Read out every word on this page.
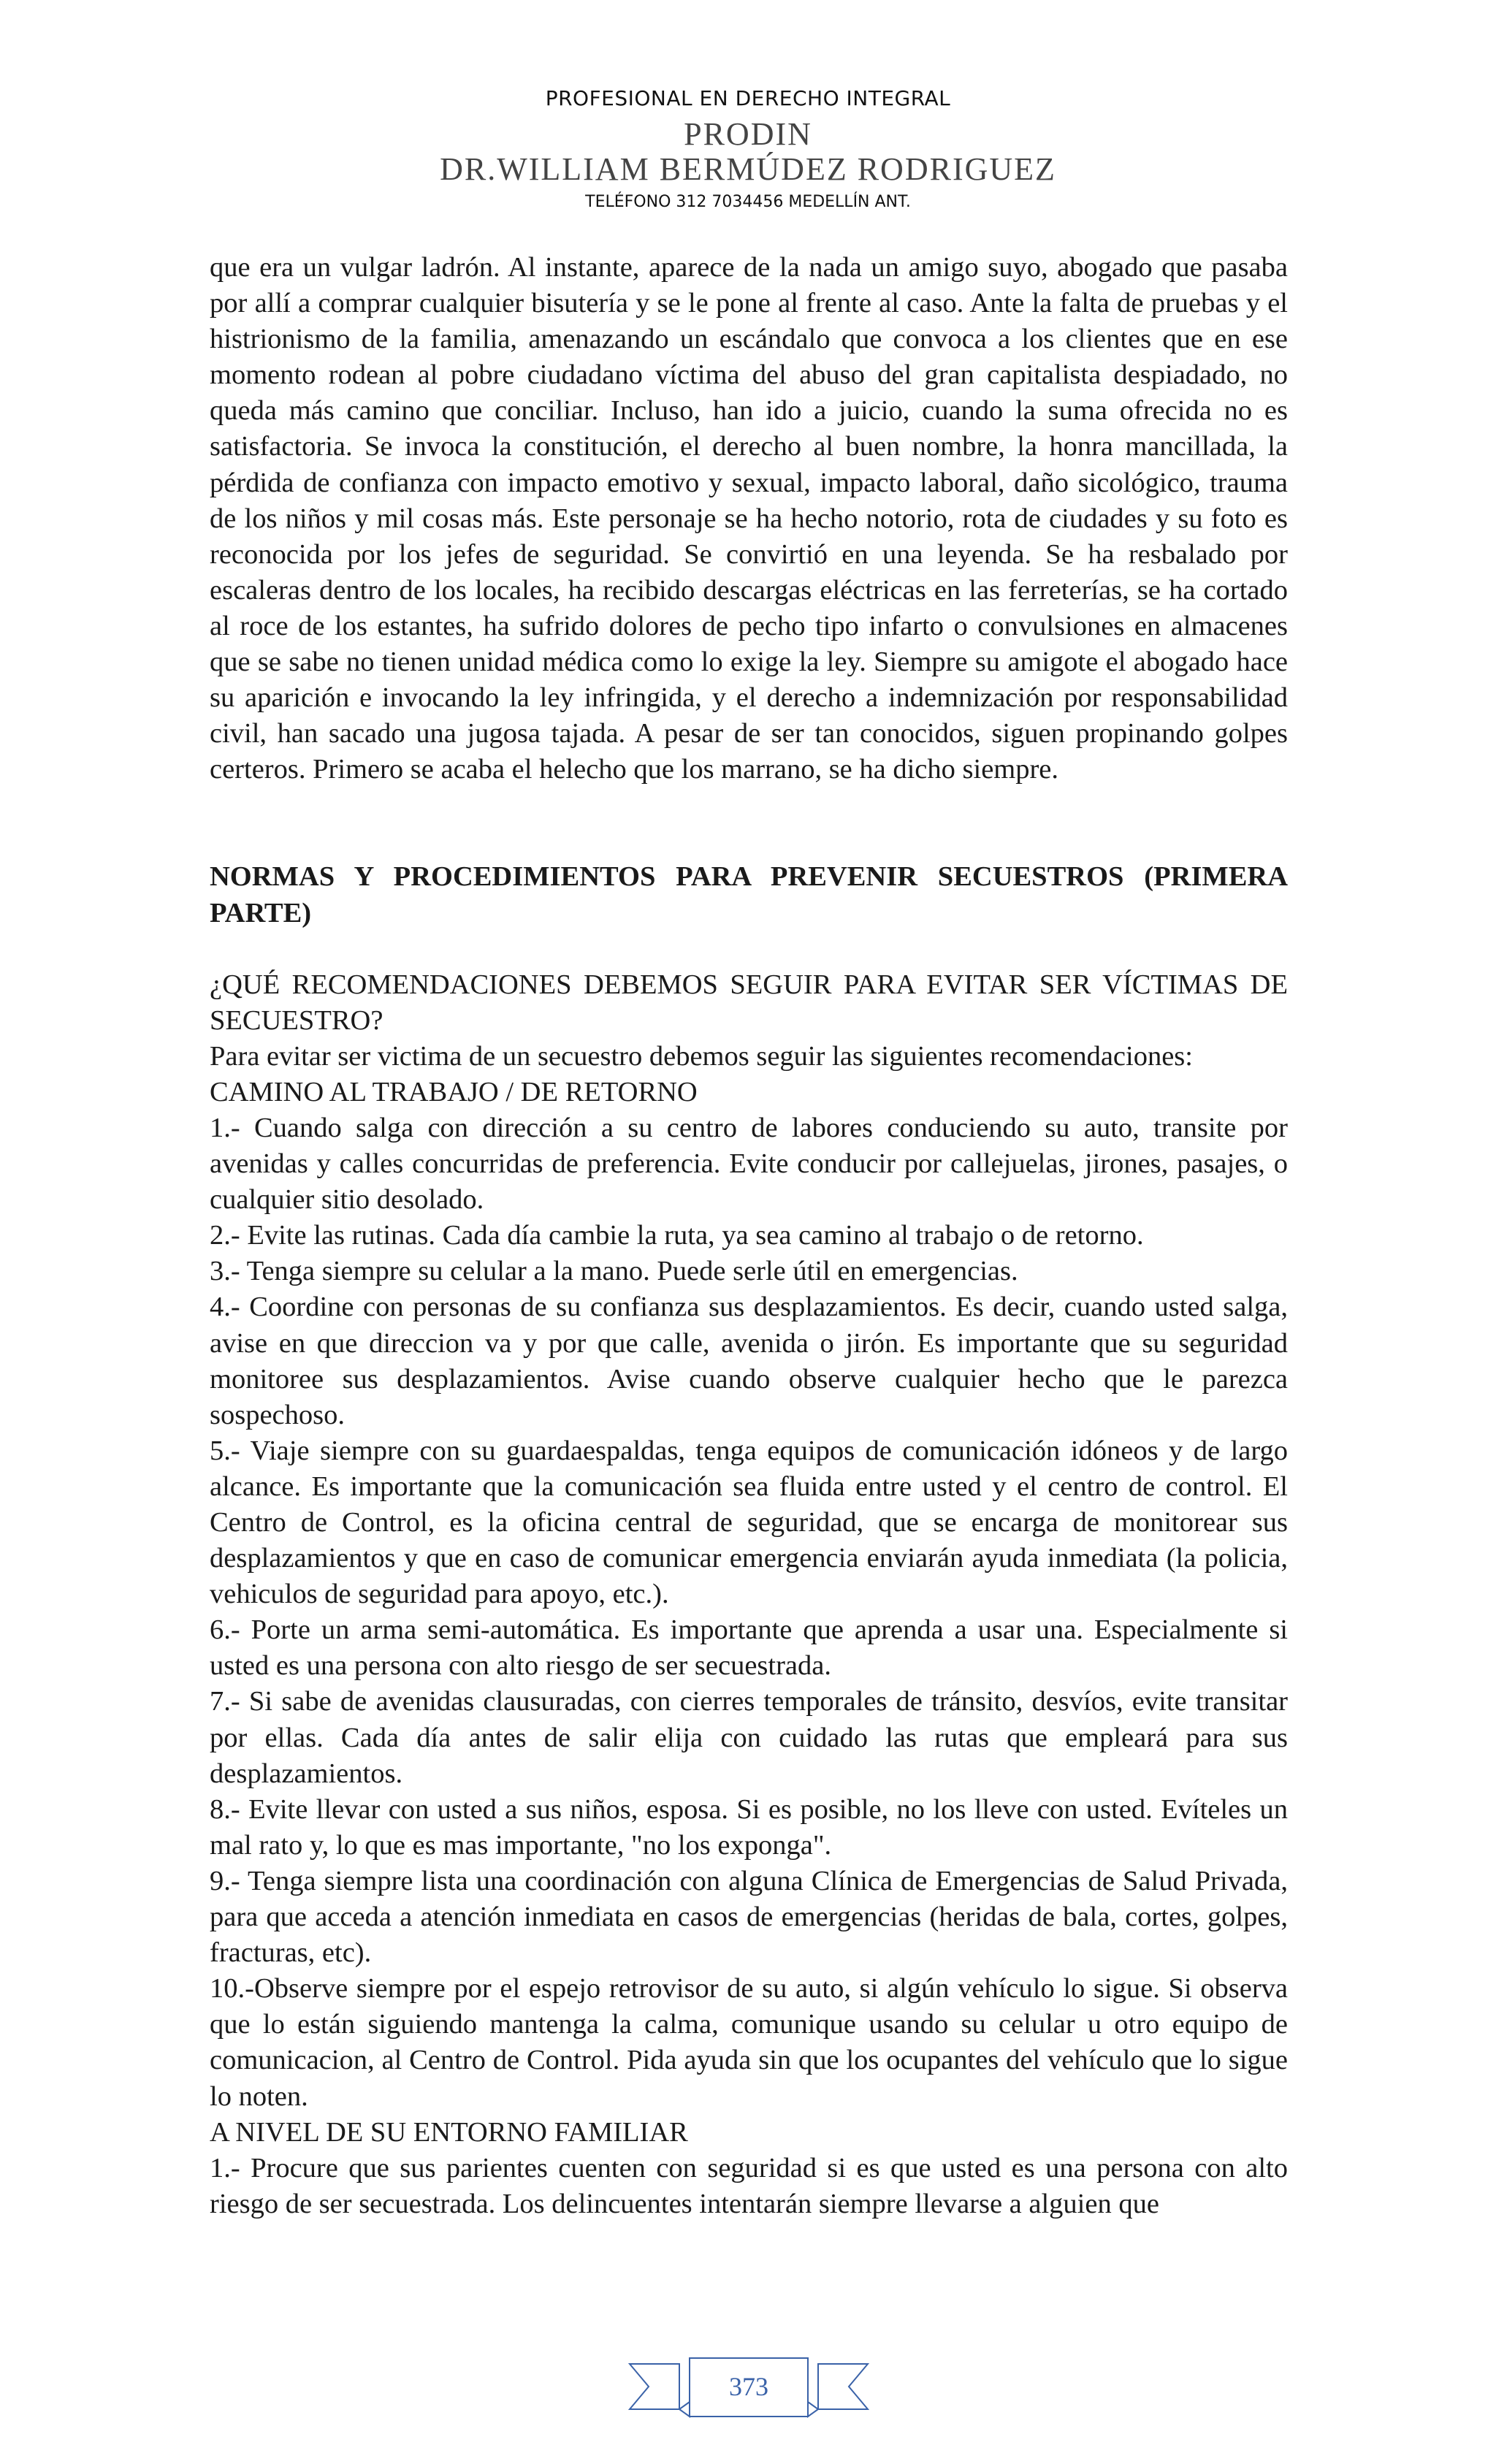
PROFESIONAL EN DERECHO INTEGRAL
PRODIN
DR.WILLIAM BERMÚDEZ RODRIGUEZ
TELÉFONO 312 7034456 MEDELLÍN ANT.

que era un vulgar ladrón. Al instante, aparece de la nada un amigo suyo, abogado que pasaba por allí a comprar cualquier bisutería y se le pone al frente al caso. Ante la falta de pruebas y el histrionismo de la familia, amenazando un escándalo que convoca a los clientes que en ese momento rodean al pobre ciudadano víctima del abuso del gran capitalista despiadado, no queda más camino que conciliar. Incluso, han ido a juicio, cuando la suma ofrecida no es satisfactoria. Se invoca la constitución, el derecho al buen nombre, la honra mancillada, la pérdida de confianza con impacto emotivo y sexual, impacto laboral, daño sicológico, trauma de los niños y mil cosas más. Este personaje se ha hecho notorio, rota de ciudades y su foto es reconocida por los jefes de seguridad. Se convirtió en una leyenda. Se ha resbalado por escaleras dentro de los locales, ha recibido descargas eléctricas en las ferreterías, se ha cortado al roce de los estantes, ha sufrido dolores de pecho tipo infarto o convulsiones en almacenes que se sabe no tienen unidad médica como lo exige la ley. Siempre su amigote el abogado hace su aparición e invocando la ley infringida, y el derecho a indemnización por responsabilidad civil, han sacado una jugosa tajada. A pesar de ser tan conocidos, siguen propinando golpes certeros. Primero se acaba el helecho que los marrano, se ha dicho siempre.

NORMAS Y PROCEDIMIENTOS PARA PREVENIR SECUESTROS (PRIMERA PARTE)

¿QUÉ RECOMENDACIONES DEBEMOS SEGUIR PARA EVITAR SER VÍCTIMAS DE SECUESTRO?

Para evitar ser victima de un secuestro debemos seguir las siguientes recomendaciones:

CAMINO AL TRABAJO / DE RETORNO

1.- Cuando salga con dirección a su centro de labores conduciendo su auto, transite por avenidas y calles concurridas de preferencia. Evite conducir por callejuelas, jirones, pasajes, o cualquier sitio desolado.

2.- Evite las rutinas. Cada día cambie la ruta, ya sea camino al trabajo o de retorno.

3.- Tenga siempre su celular a la mano. Puede serle útil en emergencias.

4.- Coordine con personas de su confianza sus desplazamientos. Es decir, cuando usted salga, avise en que direccion va y por que calle, avenida o jirón. Es importante que su seguridad monitoree sus desplazamientos. Avise cuando observe cualquier hecho que le parezca sospechoso.

5.- Viaje siempre con su guardaespaldas, tenga equipos de comunicación idóneos y de largo alcance. Es importante que la comunicación sea fluida entre usted y el centro de control. El Centro de Control, es la oficina central de seguridad, que se encarga de monitorear sus desplazamientos y que en caso de comunicar emergencia enviarán ayuda inmediata (la policia, vehiculos de seguridad para apoyo, etc.).

6.- Porte un arma semi-automática. Es importante que aprenda a usar una. Especialmente si usted es una persona con alto riesgo de ser secuestrada.

7.- Si sabe de avenidas clausuradas, con cierres temporales de tránsito, desvíos, evite transitar por ellas. Cada día antes de salir elija con cuidado las rutas que empleará para sus desplazamientos.

8.- Evite llevar con usted a sus niños, esposa. Si es posible, no los lleve con usted. Evíteles un mal rato y, lo que es mas importante, "no los exponga".

9.- Tenga siempre lista una coordinación con alguna Clínica de Emergencias de Salud Privada, para que acceda a atención inmediata en casos de emergencias (heridas de bala, cortes, golpes, fracturas, etc).

10.-Observe siempre por el espejo retrovisor de su auto, si algún vehículo lo sigue. Si observa que lo están siguiendo mantenga la calma, comunique usando su celular u otro equipo de comunicacion, al Centro de Control. Pida ayuda sin que los ocupantes del vehículo que lo sigue lo noten.

A NIVEL DE SU ENTORNO FAMILIAR

1.- Procure que sus parientes cuenten con seguridad si es que usted es una persona con alto riesgo de ser secuestrada. Los delincuentes intentarán siempre llevarse a alguien que

373
